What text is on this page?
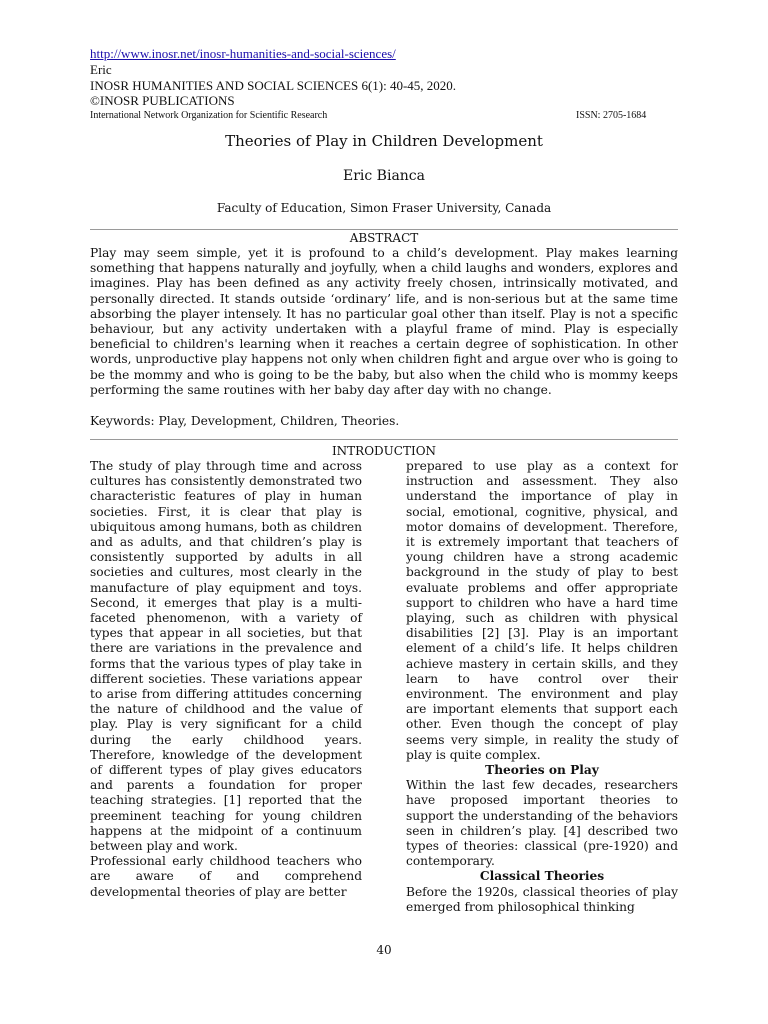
http://www.inosr.net/inosr-humanities-and-social-sciences/
Eric
INOSR HUMANITIES AND SOCIAL SCIENCES 6(1): 40-45, 2020.
©INOSR PUBLICATIONS
International Network Organization for Scientific Research	ISSN: 2705-1684
Theories of Play in Children Development
Eric Bianca
Faculty of Education, Simon Fraser University, Canada
ABSTRACT

Play may seem simple, yet it is profound to a child’s development. Play makes learning something that happens naturally and joyfully, when a child laughs and wonders, explores and imagines. Play has been defined as any activity freely chosen, intrinsically motivated, and personally directed. It stands outside ‘ordinary’ life, and is non-serious but at the same time absorbing the player intensely. It has no particular goal other than itself. Play is not a specific behaviour, but any activity undertaken with a playful frame of mind. Play is especially beneficial to children's learning when it reaches a certain degree of sophistication. In other words, unproductive play happens not only when children fight and argue over who is going to be the mommy and who is going to be the baby, but also when the child who is mommy keeps performing the same routines with her baby day after day with no change.

Keywords: Play, Development, Children, Theories.

INTRODUCTION

The study of play through time and across cultures has consistently demonstrated two characteristic features of play in human societies. First, it is clear that play is ubiquitous among humans, both as children and as adults, and that children’s play is consistently supported by adults in all societies and cultures, most clearly in the manufacture of play equipment and toys. Second, it emerges that play is a multi-faceted phenomenon, with a variety of types that appear in all societies, but that there are variations in the prevalence and forms that the various types of play take in different societies. These variations appear to arise from differing attitudes concerning the nature of childhood and the value of play. Play is very significant for a child during the early childhood years. Therefore, knowledge of the development of different types of play gives educators and parents a foundation for proper teaching strategies. [1] reported that the preeminent teaching for young children happens at the midpoint of a continuum between play and work.

Professional early childhood teachers who are aware of and comprehend developmental theories of play are better

prepared to use play as a context for instruction and assessment. They also understand the importance of play in social, emotional, cognitive, physical, and motor domains of development. Therefore, it is extremely important that teachers of young children have a strong academic background in the study of play to best evaluate problems and offer appropriate support to children who have a hard time playing, such as children with physical disabilities [2] [3]. Play is an important element of a child’s life. It helps children achieve mastery in certain skills, and they learn to have control over their environment. The environment and play are important elements that support each other. Even though the concept of play seems very simple, in reality the study of play is quite complex.

Theories on Play

Within the last few decades, researchers have proposed important theories to support the understanding of the behaviors seen in children’s play. [4] described two types of theories: classical (pre-1920) and contemporary.

Classical Theories

Before the 1920s, classical theories of play emerged from philosophical thinking

40
